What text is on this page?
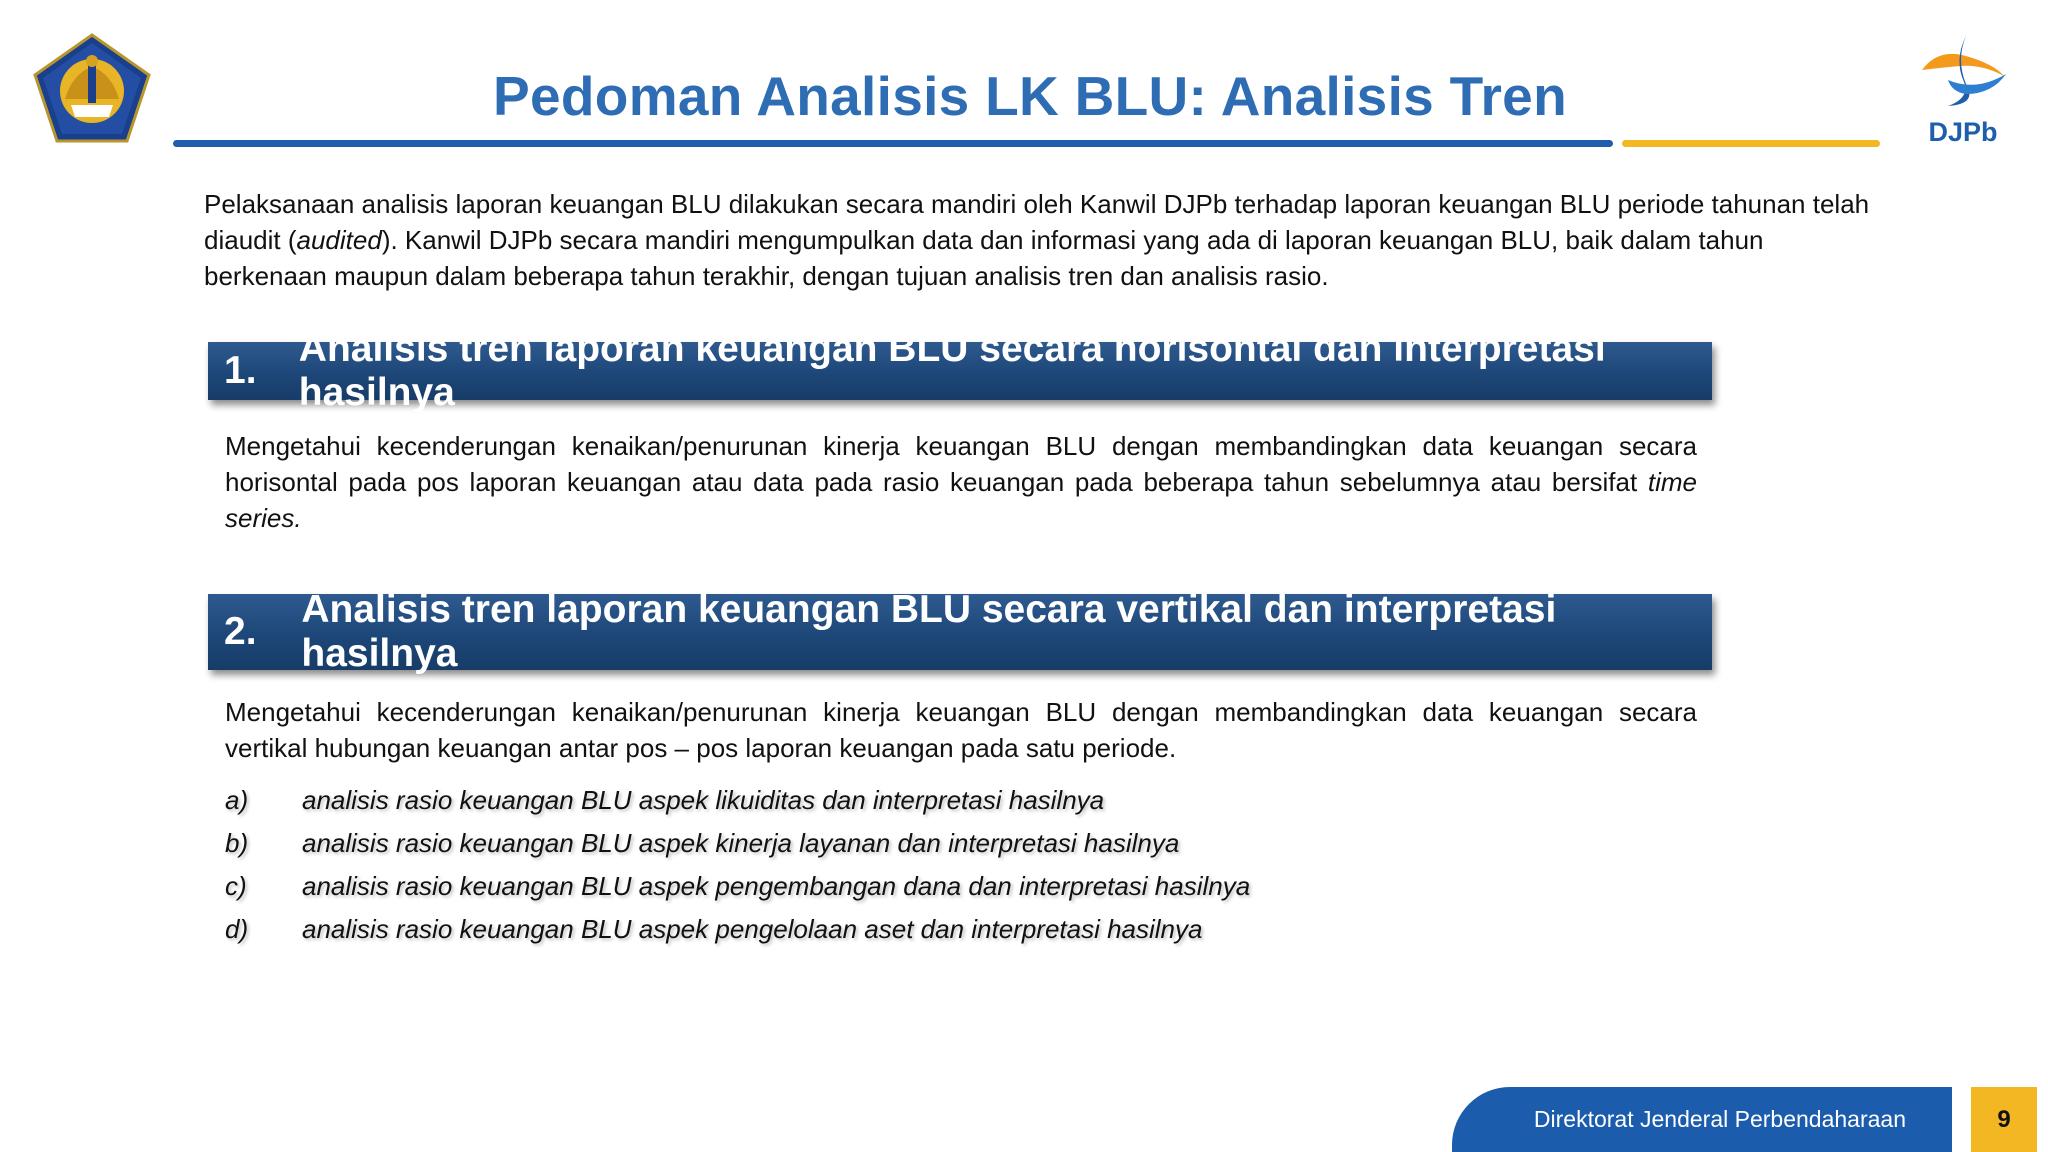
Pedoman Analisis LK BLU: Analisis Tren
DJPb
Pelaksanaan analisis laporan keuangan BLU dilakukan secara mandiri oleh Kanwil DJPb terhadap laporan keuangan BLU periode tahunan telah diaudit (audited). Kanwil DJPb secara mandiri mengumpulkan data dan informasi yang ada di laporan keuangan BLU, baik dalam tahun berkenaan maupun dalam beberapa tahun terakhir, dengan tujuan analisis tren dan analisis rasio.
1.
Analisis tren laporan keuangan BLU secara horisontal dan interpretasi hasilnya
Mengetahui kecenderungan kenaikan/penurunan kinerja keuangan BLU dengan membandingkan data keuangan secara horisontal pada pos laporan keuangan atau data pada rasio keuangan pada beberapa tahun sebelumnya atau bersifat time series.
2.
Analisis tren laporan keuangan BLU secara vertikal dan interpretasi hasilnya
Mengetahui kecenderungan kenaikan/penurunan kinerja keuangan BLU dengan membandingkan data keuangan secara vertikal hubungan keuangan antar pos – pos laporan keuangan pada satu periode.
a)	analisis rasio keuangan BLU aspek likuiditas dan interpretasi hasilnya
b)	analisis rasio keuangan BLU aspek kinerja layanan dan interpretasi hasilnya
c)	analisis rasio keuangan BLU aspek pengembangan dana dan interpretasi hasilnya
d)	analisis rasio keuangan BLU aspek pengelolaan aset dan interpretasi hasilnya
Direktorat Jenderal Perbendaharaan	9
